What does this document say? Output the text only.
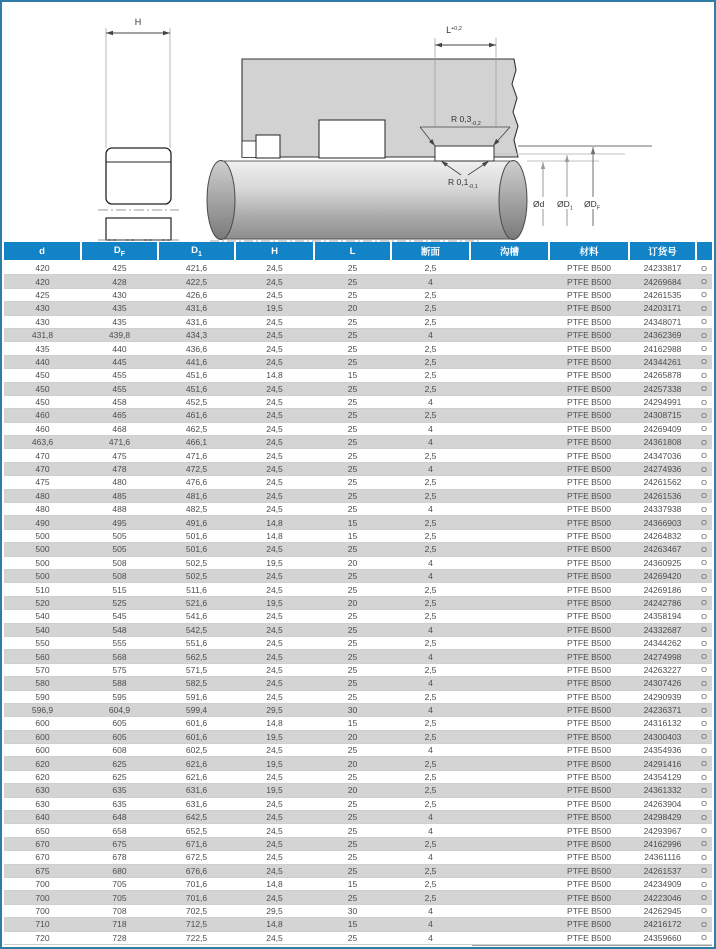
H
$L^{+0,2}$
R $0,3_{-0,2}$
R $0,1_{-0,1}$
Ød $ØD_1$ $ØD_F$
d	$D_F$	$D_1$	H	L	断面	沟槽	材料	订货号	
420	425	421,6	24,5	25	2,5		PTFE B500	24233817	O
420	428	422,5	24,5	25	4		PTFE B500	24269684	O
425	430	426,6	24,5	25	2,5		PTFE B500	24261535	O
430	435	431,6	19,5	20	2,5		PTFE B500	24203171	O
430	435	431,6	24,5	25	2,5		PTFE B500	24348071	O
431,8	439,8	434,3	24,5	25	4		PTFE B500	24362369	O
435	440	436,6	24,5	25	2,5		PTFE B500	24162988	O
440	445	441,6	24,5	25	2,5		PTFE B500	24344261	O
450	455	451,6	14,8	15	2,5		PTFE B500	24265878	O
450	455	451,6	24,5	25	2,5		PTFE B500	24257338	O
450	458	452,5	24,5	25	4		PTFE B500	24294991	O
460	465	461,6	24,5	25	2,5		PTFE B500	24308715	O
460	468	462,5	24,5	25	4		PTFE B500	24269409	O
463,6	471,6	466,1	24,5	25	4		PTFE B500	24361808	O
470	475	471,6	24,5	25	2,5		PTFE B500	24347036	O
470	478	472,5	24,5	25	4		PTFE B500	24274936	O
475	480	476,6	24,5	25	2,5		PTFE B500	24261562	O
480	485	481,6	24,5	25	2,5		PTFE B500	24261536	O
480	488	482,5	24,5	25	4		PTFE B500	24337938	O
490	495	491,6	14,8	15	2,5		PTFE B500	24366903	O
500	505	501,6	14,8	15	2,5		PTFE B500	24264832	O
500	505	501,6	24,5	25	2,5		PTFE B500	24263467	O
500	508	502,5	19,5	20	4		PTFE B500	24360925	O
500	508	502,5	24,5	25	4		PTFE B500	24269420	O
510	515	511,6	24,5	25	2,5		PTFE B500	24269186	O
520	525	521,6	19,5	20	2,5		PTFE B500	24242786	O
540	545	541,6	24,5	25	2,5		PTFE B500	24358194	O
540	548	542,5	24,5	25	4		PTFE B500	24332687	O
550	555	551,6	24,5	25	2,5		PTFE B500	24344262	O
560	568	562,5	24,5	25	4		PTFE B500	24274998	O
570	575	571,5	24,5	25	2,5		PTFE B500	24263227	O
580	588	582,5	24,5	25	4		PTFE B500	24307426	O
590	595	591,6	24,5	25	2,5		PTFE B500	24290939	O
596,9	604,9	599,4	29,5	30	4		PTFE B500	24236371	O
600	605	601,6	14,8	15	2,5		PTFE B500	24316132	O
600	605	601,6	19,5	20	2,5		PTFE B500	24300403	O
600	608	602,5	24,5	25	4		PTFE B500	24354936	O
620	625	621,6	19,5	20	2,5		PTFE B500	24291416	O
620	625	621,6	24,5	25	2,5		PTFE B500	24354129	O
630	635	631,6	19,5	20	2,5		PTFE B500	24361332	O
630	635	631,6	24,5	25	2,5		PTFE B500	24263904	O
640	648	642,5	24,5	25	4		PTFE B500	24298429	O
650	658	652,5	24,5	25	4		PTFE B500	24293967	O
670	675	671,6	24,5	25	2,5		PTFE B500	24162996	O
670	678	672,5	24,5	25	4		PTFE B500	24361116	O
675	680	676,6	24,5	25	2,5		PTFE B500	24261537	O
700	705	701,6	14,8	15	2,5		PTFE B500	24234909	O
700	705	701,6	24,5	25	2,5		PTFE B500	24223046	O
700	708	702,5	29,5	30	4		PTFE B500	24262945	O
710	718	712,5	14,8	15	4		PTFE B500	24216172	O
720	728	722,5	24,5	25	4		PTFE B500	24359660	O
